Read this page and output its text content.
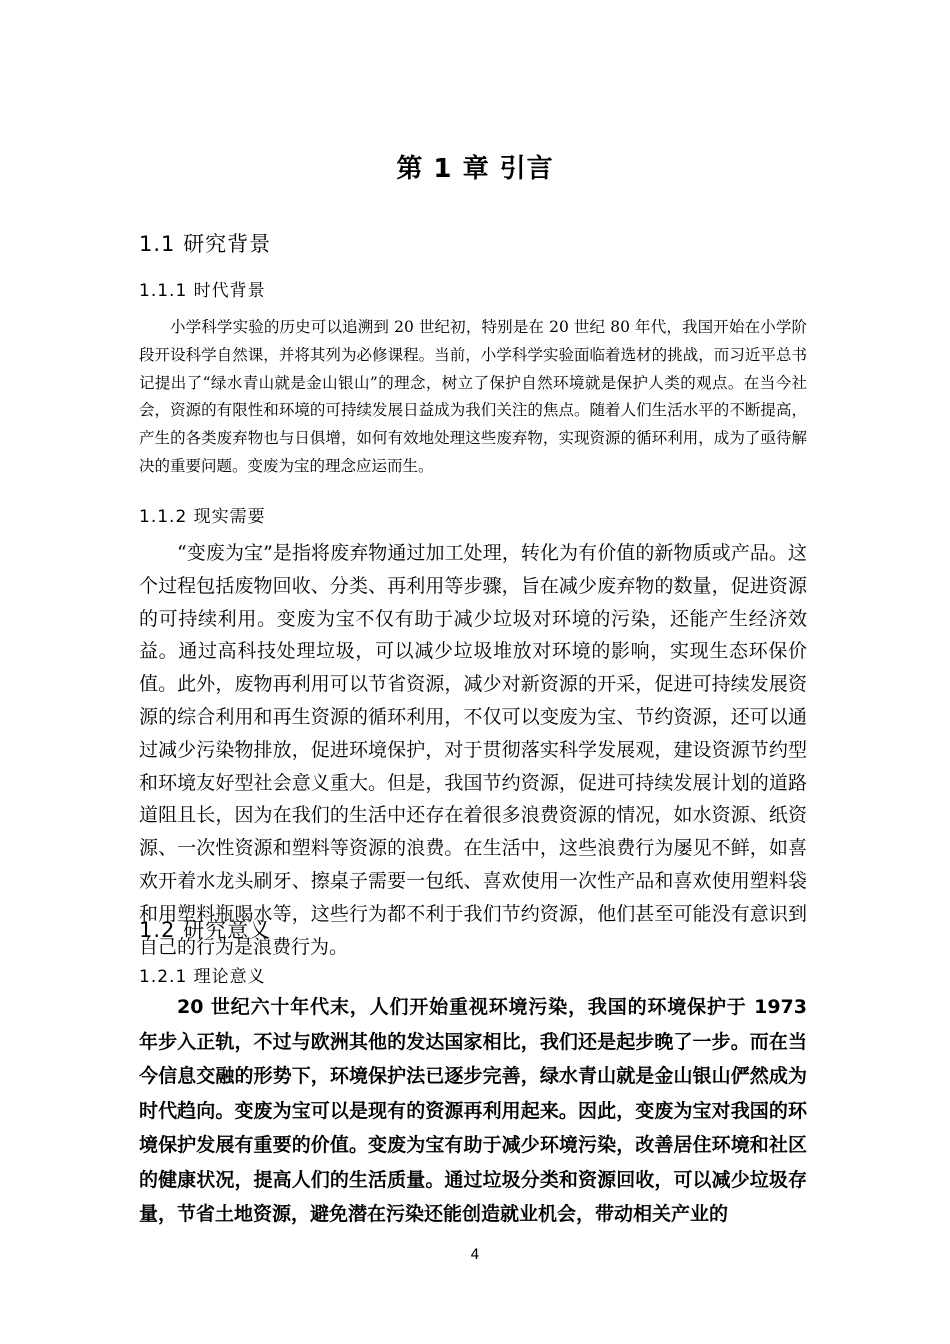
第 1 章 引言
1.1 研究背景
1.1.1 时代背景

小学科学实验的历史可以追溯到 20 世纪初，特别是在 20 世纪 80 年代，我国开始在小学阶段开设科学自然课，并将其列为必修课程。当前，小学科学实验面临着选材的挑战，而习近平总书记提出了“绿水青山就是金山银山”的理念，树立了保护自然环境就是保护人类的观点。在当今社会，资源的有限性和环境的可持续发展日益成为我们关注的焦点。随着人们生活水平的不断提高，产生的各类废弃物也与日俱增，如何有效地处理这些废弃物，实现资源的循环利用，成为了亟待解决的重要问题。变废为宝的理念应运而生。

1.1.2 现实需要

“变废为宝”是指将废弃物通过加工处理，转化为有价值的新物质或产品。这个过程包括废物回收、分类、再利用等步骤，旨在减少废弃物的数量，促进资源的可持续利用。变废为宝不仅有助于减少垃圾对环境的污染，还能产生经济效益。通过高科技处理垃圾，可以减少垃圾堆放对环境的影响，实现生态环保价值。此外，废物再利用可以节省资源，减少对新资源的开采，促进可持续发展资源的综合利用和再生资源的循环利用，不仅可以变废为宝、节约资源，还可以通过减少污染物排放，促进环境保护，对于贯彻落实科学发展观，建设资源节约型和环境友好型社会意义重大。但是，我国节约资源，促进可持续发展计划的道路道阻且长，因为在我们的生活中还存在着很多浪费资源的情况，如水资源、纸资源、一次性资源和塑料等资源的浪费。在生活中，这些浪费行为屡见不鲜，如喜欢开着水龙头刷牙、擦桌子需要一包纸、喜欢使用一次性产品和喜欢使用塑料袋和用塑料瓶喝水等，这些行为都不利于我们节约资源，他们甚至可能没有意识到自己的行为是浪费行为。

1.2 研究意义
1.2.1 理论意义

20 世纪六十年代末，人们开始重视环境污染，我国的环境保护于 1973 年步入正轨，不过与欧洲其他的发达国家相比，我们还是起步晚了一步。而在当今信息交融的形势下，环境保护法已逐步完善，绿水青山就是金山银山俨然成为时代趋向。变废为宝可以是现有的资源再利用起来。因此，变废为宝对我国的环境保护发展有重要的价值。变废为宝有助于减少环境污染，改善居住环境和社区的健康状况，提高人们的生活质量。通过垃圾分类和资源回收，可以减少垃圾存量，节省土地资源，避免潜在污染还能创造就业机会，带动相关产业的

4
